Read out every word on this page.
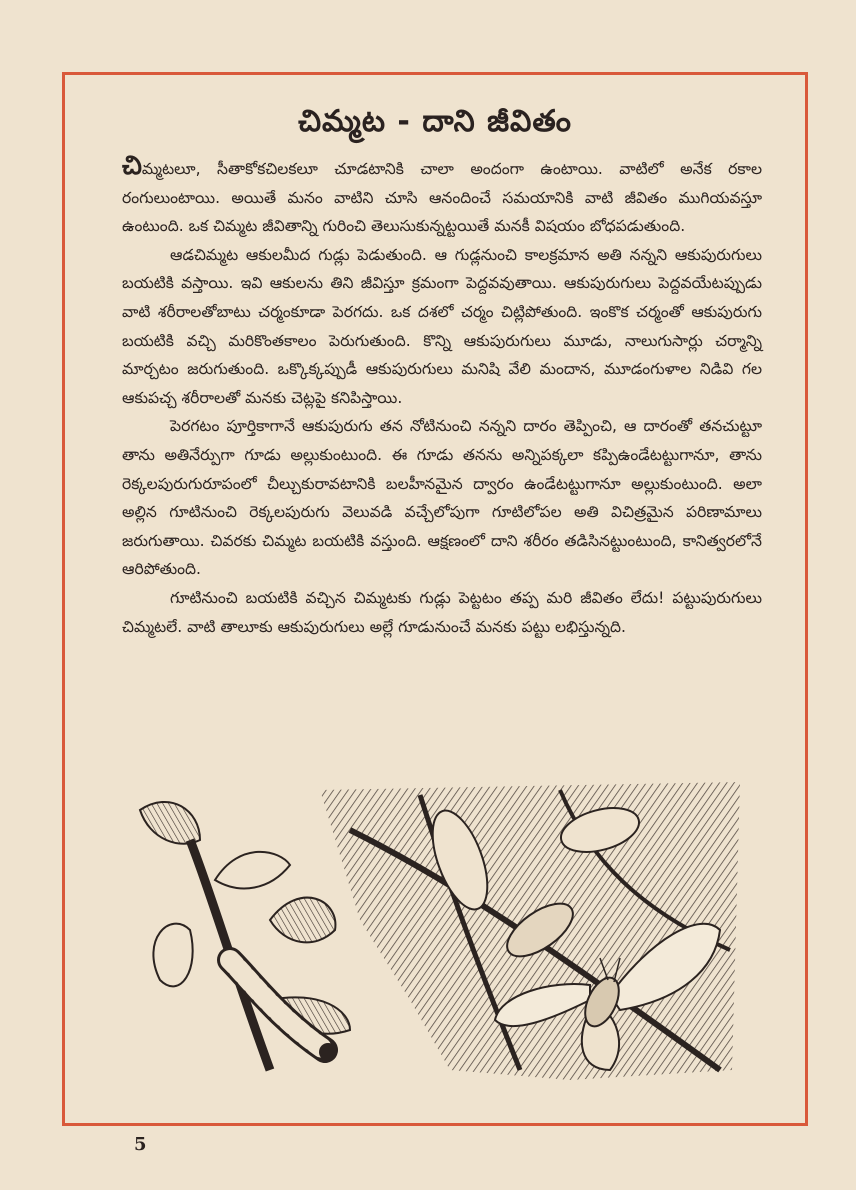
చిమ్మట - దాని జీవితం

చిమ్మటలూ, సీతాకోకచిలకలూ చూడటానికి చాలా అందంగా ఉంటాయి. వాటిలో అనేక రకాల రంగులుంటాయి. అయితే మనం వాటిని చూసి ఆనందించే సమయానికి వాటి జీవితం ముగియవస్తూ ఉంటుంది. ఒక చిమ్మట జీవితాన్ని గురించి తెలుసుకున్నట్టయితే మనకీ విషయం బోధపడుతుంది.

ఆడచిమ్మట ఆకులమీద గుడ్లు పెడుతుంది. ఆ గుడ్లనుంచి కాలక్రమాన అతి నన్నని ఆకుపురుగులు బయటికి వస్తాయి. ఇవి ఆకులను తిని జీవిస్తూ క్రమంగా పెద్దవవుతాయి. ఆకుపురుగులు పెద్దవయేటప్పుడు వాటి శరీరాలతోబాటు చర్మంకూడా పెరగదు. ఒక దశలో చర్మం చిట్లిపోతుంది. ఇంకొక చర్మంతో ఆకుపురుగు బయటికి వచ్చి మరికొంతకాలం పెరుగుతుంది. కొన్ని ఆకుపురుగులు మూడు, నాలుగుసార్లు చర్మాన్ని మార్చటం జరుగుతుంది. ఒక్కొక్కప్పుడీ ఆకుపురుగులు మనిషి వేలి మందాన, మూడంగుళాల నిడివి గల ఆకుపచ్చ శరీరాలతో మనకు చెట్లపై కనిపిస్తాయి.

పెరగటం పూర్తికాగానే ఆకుపురుగు తన నోటినుంచి నన్నని దారం తెప్పించి, ఆ దారంతో తనచుట్టూ తాను అతినేర్పుగా గూడు అల్లుకుంటుంది. ఈ గూడు తనను అన్నిపక్కలా కప్పిఉండేటట్టుగానూ, తాను రెక్కలపురుగురూపంలో చీల్చుకురావటానికి బలహీనమైన ద్వారం ఉండేటట్టుగానూ అల్లుకుంటుంది. అలా అల్లిన గూటినుంచి రెక్కలపురుగు వెలువడి వచ్చేలోపుగా గూటిలోపల అతి విచిత్రమైన పరిణామాలు జరుగుతాయి. చివరకు చిమ్మట బయటికి వస్తుంది. ఆక్షణంలో దాని శరీరం తడిసినట్టుంటుంది, కానిత్వరలోనే ఆరిపోతుంది.

గూటినుంచి బయటికి వచ్చిన చిమ్మటకు గుడ్లు పెట్టటం తప్ప మరి జీవితం లేదు! పట్టుపురుగులు చిమ్మటలే. వాటి తాలూకు ఆకుపురుగులు అల్లే గూడునుంచే మనకు పట్టు లభిస్తున్నది.

5
